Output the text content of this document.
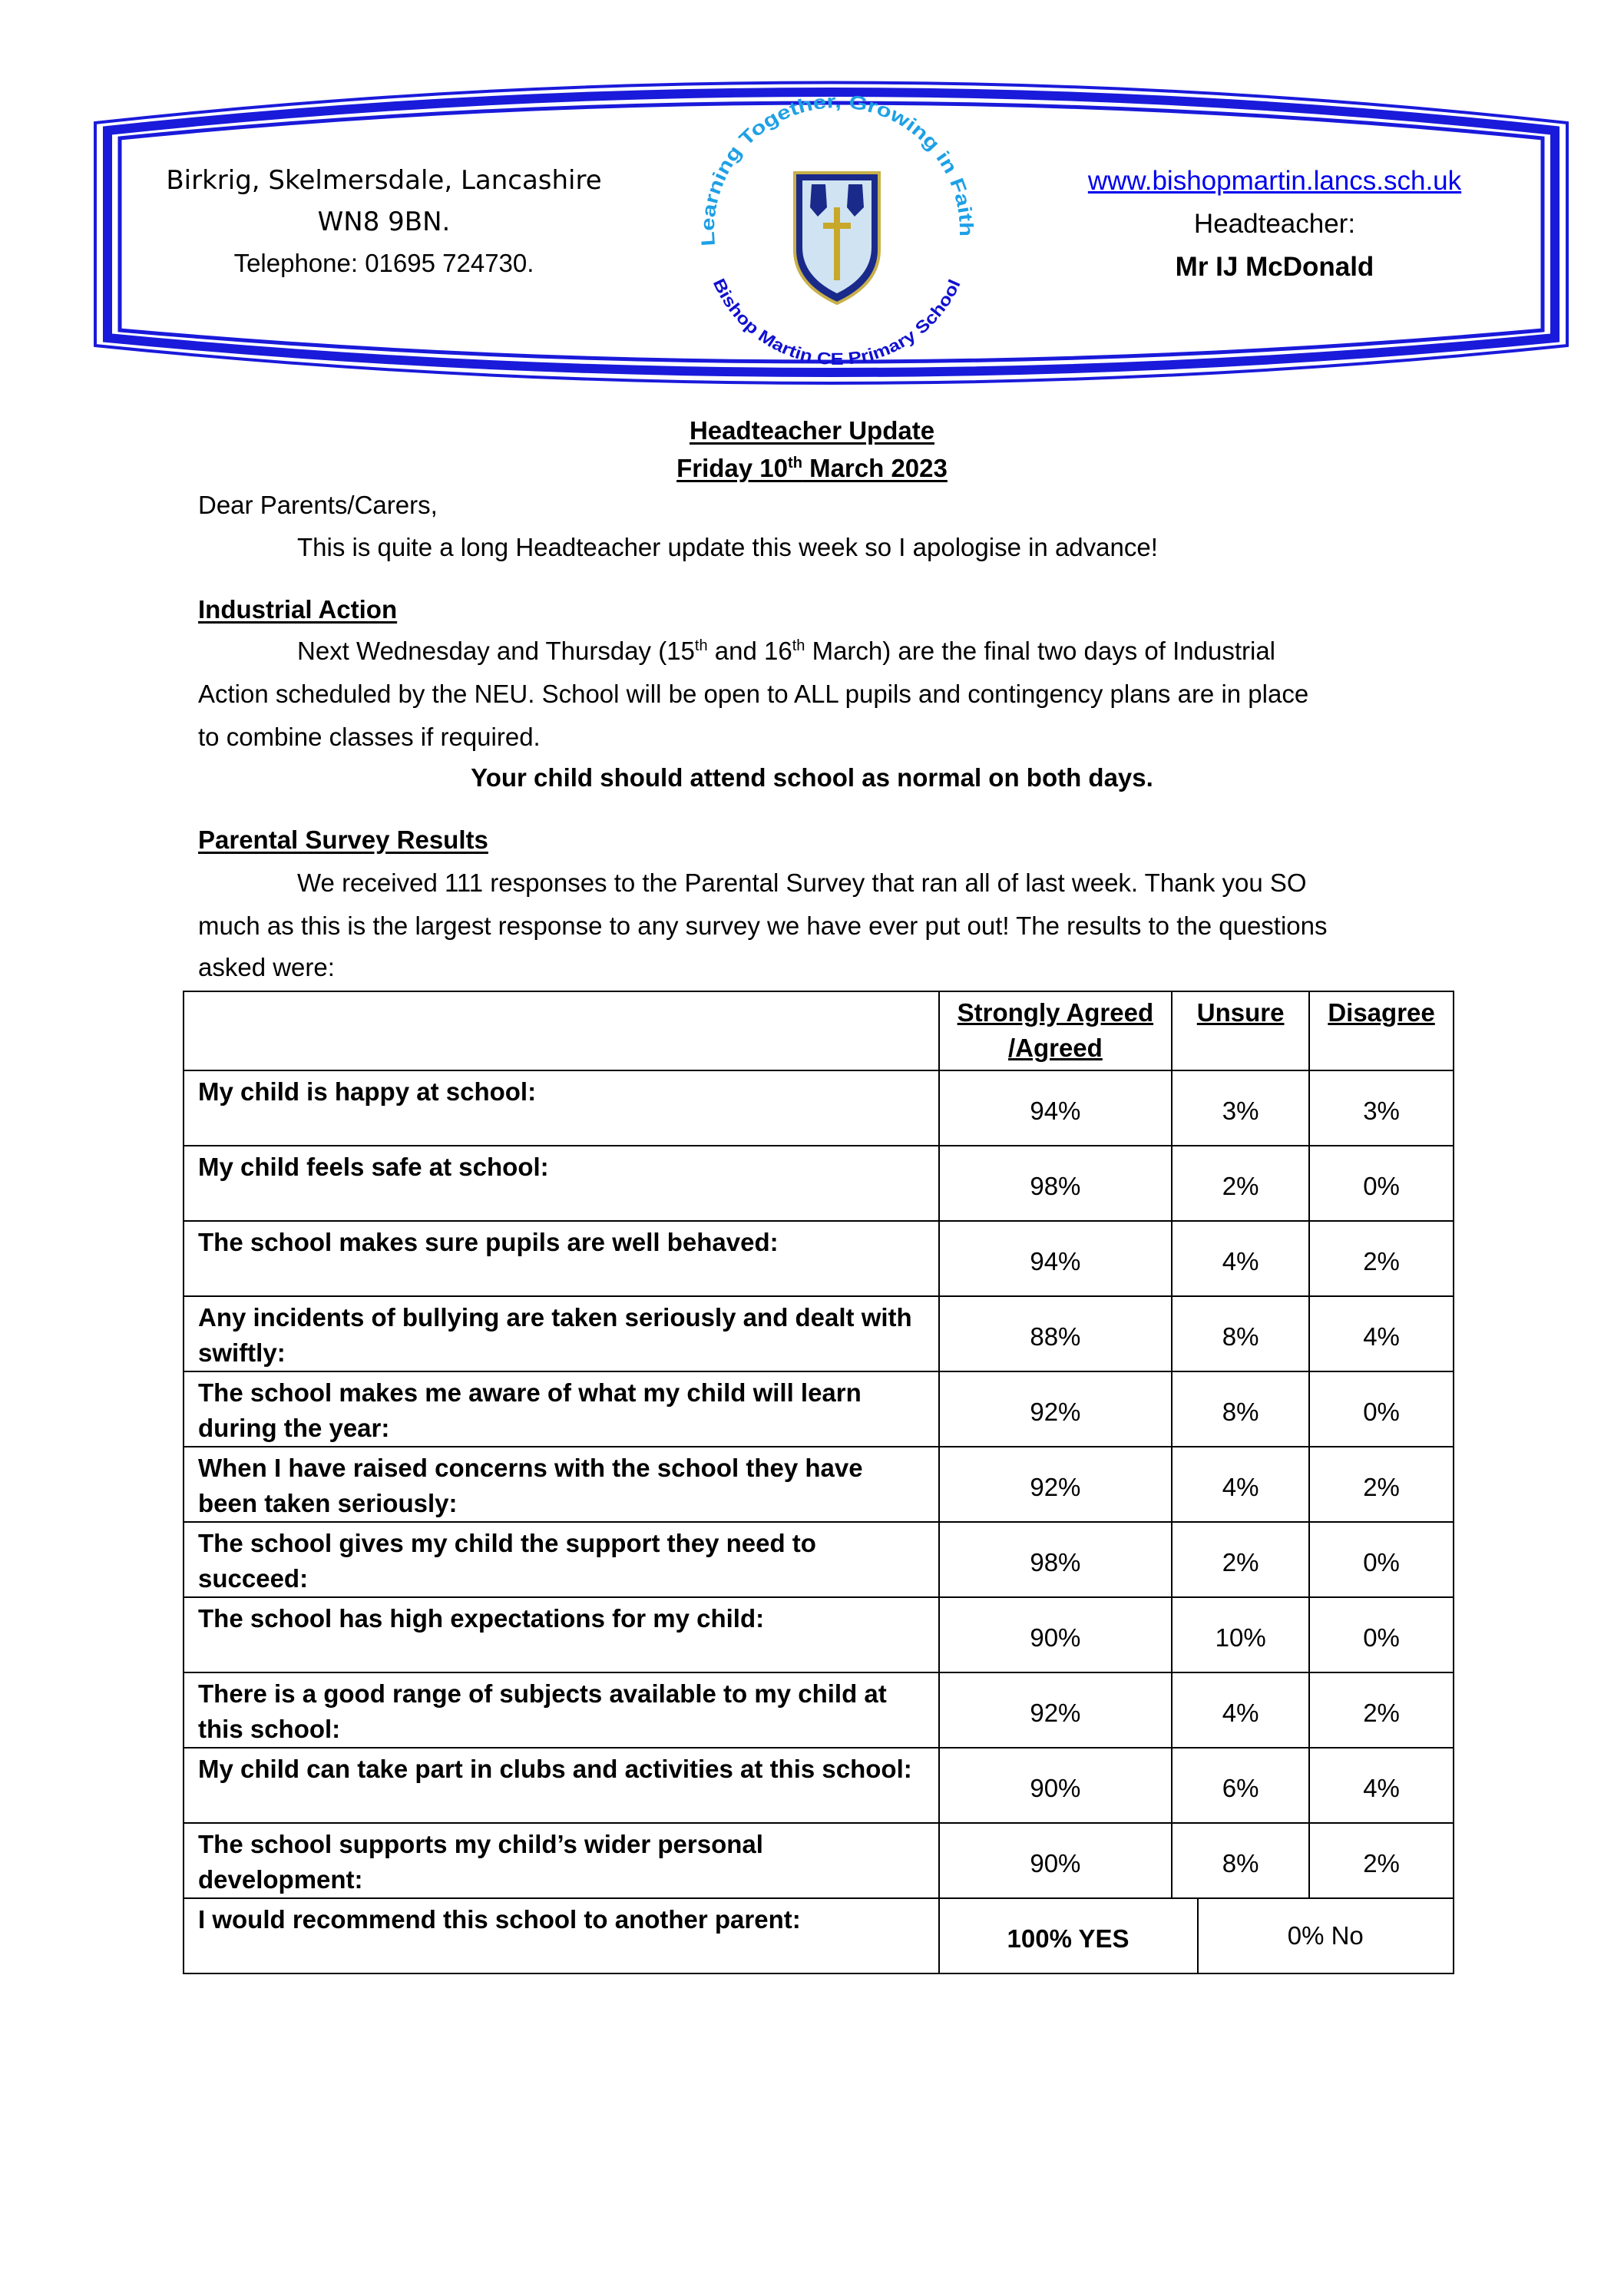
Birkrig, Skelmersdale, Lancashire
WN8 9BN.
Telephone: 01695 724730.
Learning Together, Growing in Faith
Bishop Martin CE Primary School
www.bishopmartin.lancs.sch.uk
Headteacher:
Mr IJ McDonald
Headteacher Update
Friday 10th March 2023
Dear Parents/Carers,
This is quite a long Headteacher update this week so I apologise in advance!
Industrial Action
Next Wednesday and Thursday (15th and 16th March) are the final two days of Industrial
Action scheduled by the NEU. School will be open to ALL pupils and contingency plans are in place
to combine classes if required.
Your child should attend school as normal on both days.
Parental Survey Results
We received 111 responses to the Parental Survey that ran all of last week. Thank you SO
much as this is the largest response to any survey we have ever put out! The results to the questions
asked were:
	Strongly Agreed
/Agreed	Unsure	Disagree
My child is happy at school:	94%	3%	3%
My child feels safe at school:	98%	2%	0%
The school makes sure pupils are well behaved:	94%	4%	2%
Any incidents of bullying are taken seriously and dealt with swiftly:	88%	8%	4%
The school makes me aware of what my child will learn during the year:	92%	8%	0%
When I have raised concerns with the school they have been taken seriously:	92%	4%	2%
The school gives my child the support they need to succeed:	98%	2%	0%
The school has high expectations for my child:	90%	10%	0%
There is a good range of subjects available to my child at this school:	92%	4%	2%
My child can take part in clubs and activities at this school:	90%	6%	4%
The school supports my child’s wider personal development:	90%	8%	2%
I would recommend this school to another parent:	100% YES 0% No		
